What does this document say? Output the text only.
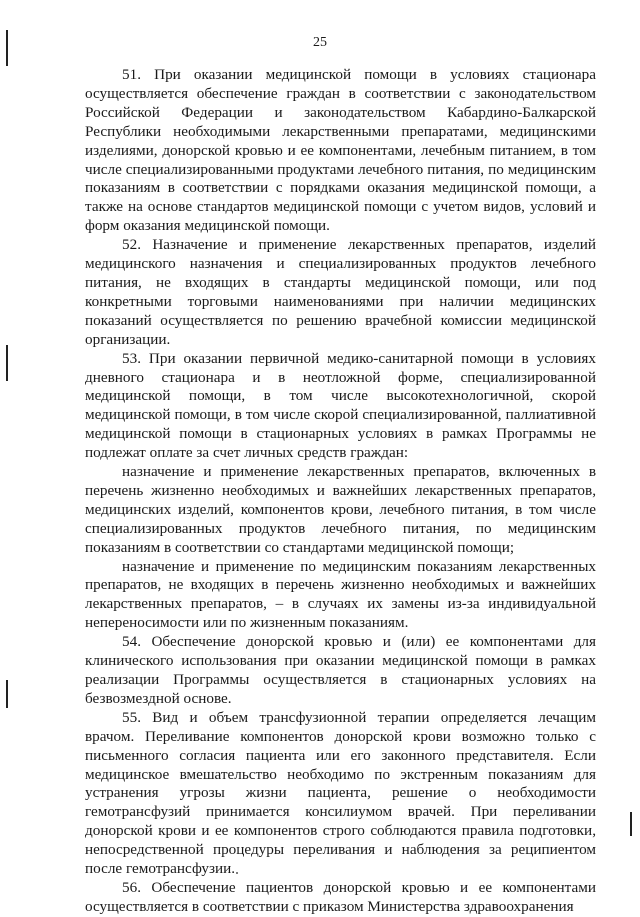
25

51. При оказании медицинской помощи в условиях стационара осуществляется обеспечение граждан в соответствии с законодательством Российской Федерации и законодательством Кабардино-Балкарской Республики необходимыми лекарственными препаратами, медицинскими изделиями, донорской кровью и ее компонентами, лечебным питанием, в том числе специализированными продуктами лечебного питания, по медицинским показаниям в соответствии с порядками оказания медицинской помощи, а также на основе стандартов медицинской помощи с учетом видов, условий и форм оказания медицинской помощи.

52. Назначение и применение лекарственных препаратов, изделий медицинского назначения и специализированных продуктов лечебного питания, не входящих в стандарты медицинской помощи, или под конкретными торговыми наименованиями при наличии медицинских показаний осуществляется по решению врачебной комиссии медицинской организации.

53. При оказании первичной медико-санитарной помощи в условиях дневного стационара и в неотложной форме, специализированной медицинской помощи, в том числе высокотехнологичной, скорой медицинской помощи, в том числе скорой специализированной, паллиативной медицинской помощи в стационарных условиях в рамках Программы не подлежат оплате за счет личных средств граждан:

назначение и применение лекарственных препаратов, включенных в перечень жизненно необходимых и важнейших лекарственных препаратов, медицинских изделий, компонентов крови, лечебного питания, в том числе специализированных продуктов лечебного питания, по медицинским показаниям в соответствии со стандартами медицинской помощи;

назначение и применение по медицинским показаниям лекарственных препаратов, не входящих в перечень жизненно необходимых и важнейших лекарственных препаратов, – в случаях их замены из-за индивидуальной непереносимости или по жизненным показаниям.

54. Обеспечение донорской кровью и (или) ее компонентами для клинического использования при оказании медицинской помощи в рамках реализации Программы осуществляется в стационарных условиях на безвозмездной основе.

55. Вид и объем трансфузионной терапии определяется лечащим врачом. Переливание компонентов донорской крови возможно только с письменного согласия пациента или его законного представителя. Если медицинское вмешательство необходимо по экстренным показаниям для устранения угрозы жизни пациента, решение о необходимости гемотрансфузий принимается консилиумом врачей. При переливании донорской крови и ее компонентов строго соблюдаются правила подготовки, непосредственной процедуры переливания и наблюдения за реципиентом после гемотрансфузии.

56. Обеспечение пациентов донорской кровью и ее компонентами осуществляется в соответствии с приказом Министерства здравоохранения
